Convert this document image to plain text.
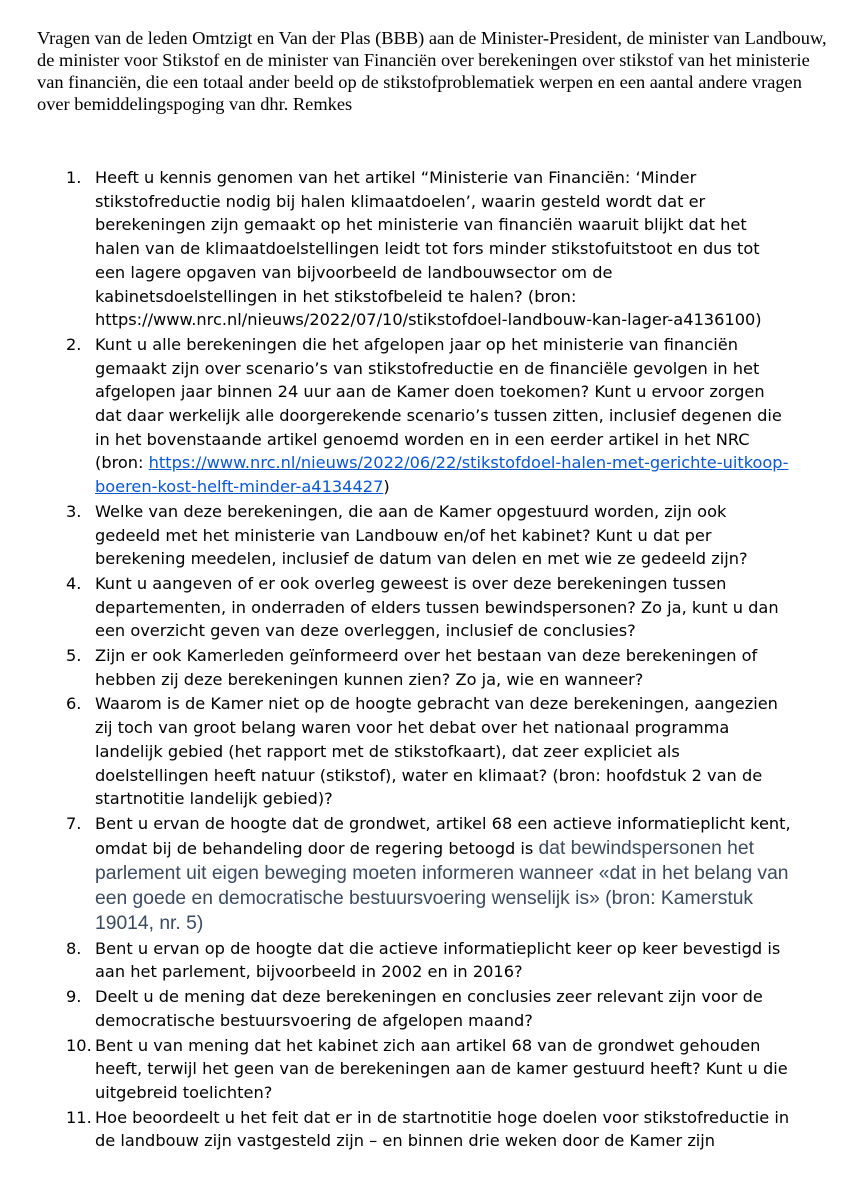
Vragen van de leden Omtzigt en Van der Plas (BBB) aan de Minister-President, de minister van Landbouw, de minister voor Stikstof en de minister van Financiën over berekeningen over stikstof van het ministerie van financiën, die een totaal ander beeld op de stikstofproblematiek werpen en een aantal andere vragen over bemiddelingspoging van dhr. Remkes
1. Heeft u kennis genomen van het artikel “Ministerie van Financiën: ‘Minder stikstofreductie nodig bij halen klimaatdoelen’, waarin gesteld wordt dat er berekeningen zijn gemaakt op het ministerie van financiën waaruit blijkt dat het halen van de klimaatdoelstellingen leidt tot fors minder stikstofuitstoot en dus tot een lagere opgaven van bijvoorbeeld de landbouwsector om de kabinetsdoelstellingen in het stikstofbeleid te halen? (bron: https://www.nrc.nl/nieuws/2022/07/10/stikstofdoel-landbouw-kan-lager-a4136100)
2. Kunt u alle berekeningen die het afgelopen jaar op het ministerie van financiën gemaakt zijn over scenario’s van stikstofreductie en de financiële gevolgen in het afgelopen jaar binnen 24 uur aan de Kamer doen toekomen? Kunt u ervoor zorgen dat daar werkelijk alle doorgerekende scenario’s tussen zitten, inclusief degenen die in het bovenstaande artikel genoemd worden en in een eerder artikel in het NRC (bron: https://www.nrc.nl/nieuws/2022/06/22/stikstofdoel-halen-met-gerichte-uitkoop-boeren-kost-helft-minder-a4134427)
3. Welke van deze berekeningen, die aan de Kamer opgestuurd worden, zijn ook gedeeld met het ministerie van Landbouw en/of het kabinet? Kunt u dat per berekening meedelen, inclusief de datum van delen en met wie ze gedeeld zijn?
4. Kunt u aangeven of er ook overleg geweest is over deze berekeningen tussen departementen, in onderraden of elders tussen bewindspersonen? Zo ja, kunt u dan een overzicht geven van deze overleggen, inclusief de conclusies?
5. Zijn er ook Kamerleden geïnformeerd over het bestaan van deze berekeningen of hebben zij deze berekeningen kunnen zien? Zo ja, wie en wanneer?
6. Waarom is de Kamer niet op de hoogte gebracht van deze berekeningen, aangezien zij toch van groot belang waren voor het debat over het nationaal programma landelijk gebied (het rapport met de stikstofkaart), dat zeer expliciet als doelstellingen heeft natuur (stikstof), water en klimaat? (bron: hoofdstuk 2 van de startnotitie landelijk gebied)?
7. Bent u ervan de hoogte dat de grondwet, artikel 68 een actieve informatieplicht kent, omdat bij de behandeling door de regering betoogd is dat bewindspersonen het parlement uit eigen beweging moeten informeren wanneer «dat in het belang van een goede en democratische bestuursvoering wenselijk is» (bron: Kamerstuk 19014, nr. 5)
8. Bent u ervan op de hoogte dat die actieve informatieplicht keer op keer bevestigd is aan het parlement, bijvoorbeeld in 2002 en in 2016?
9. Deelt u de mening dat deze berekeningen en conclusies zeer relevant zijn voor de democratische bestuursvoering de afgelopen maand?
10. Bent u van mening dat het kabinet zich aan artikel 68 van de grondwet gehouden heeft, terwijl het geen van de berekeningen aan de kamer gestuurd heeft? Kunt u die uitgebreid toelichten?
11. Hoe beoordeelt u het feit dat er in de startnotitie hoge doelen voor stikstofreductie in de landbouw zijn vastgesteld zijn – en binnen drie weken door de Kamer zijn
